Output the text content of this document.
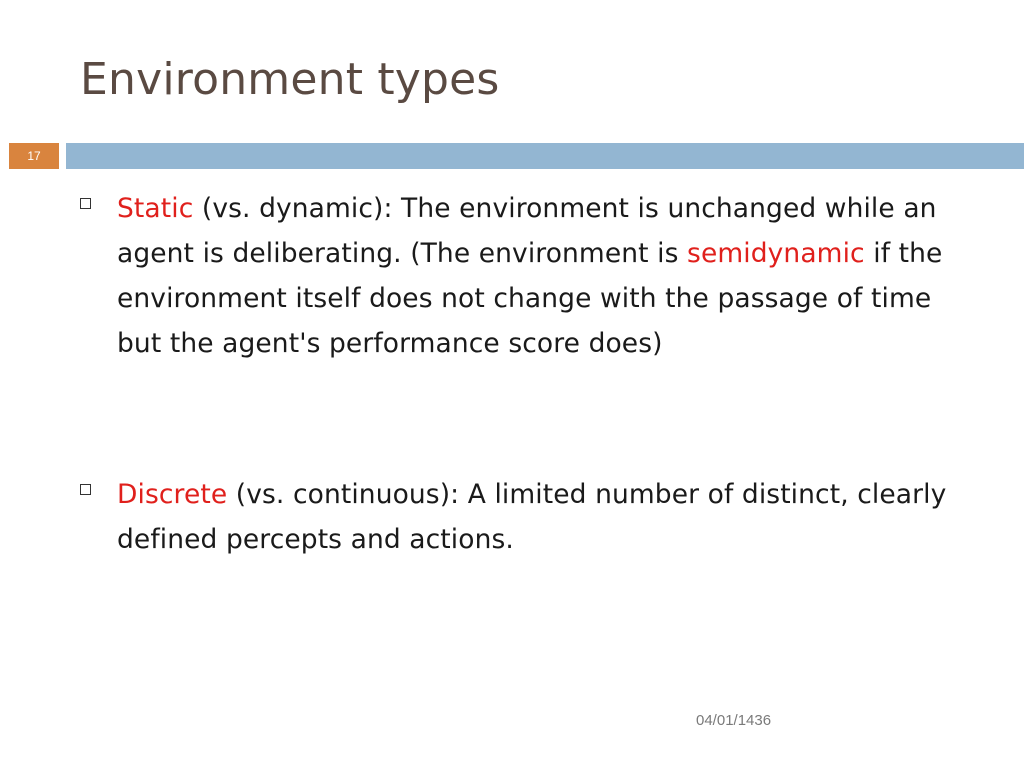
Environment types
17
Static (vs. dynamic): The environment is unchanged while an agent is deliberating. (The environment is semidynamic if the environment itself does not change with the passage of time but the agent's performance score does)
Discrete (vs. continuous): A limited number of distinct, clearly defined percepts and actions.
04/01/1436
